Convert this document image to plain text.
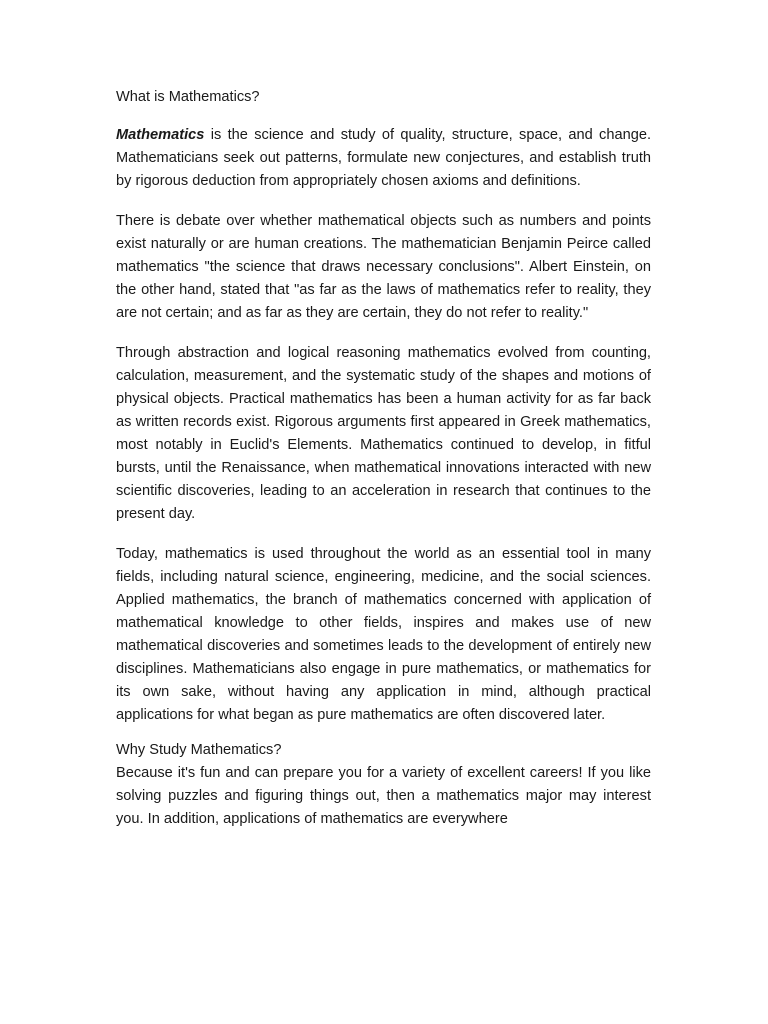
What is Mathematics?

Mathematics is the science and study of quality, structure, space, and change. Mathematicians seek out patterns, formulate new conjectures, and establish truth by rigorous deduction from appropriately chosen axioms and definitions.

There is debate over whether mathematical objects such as numbers and points exist naturally or are human creations. The mathematician Benjamin Peirce called mathematics "the science that draws necessary conclusions". Albert Einstein, on the other hand, stated that "as far as the laws of mathematics refer to reality, they are not certain; and as far as they are certain, they do not refer to reality."

Through abstraction and logical reasoning mathematics evolved from counting, calculation, measurement, and the systematic study of the shapes and motions of physical objects. Practical mathematics has been a human activity for as far back as written records exist. Rigorous arguments first appeared in Greek mathematics, most notably in Euclid's Elements. Mathematics continued to develop, in fitful bursts, until the Renaissance, when mathematical innovations interacted with new scientific discoveries, leading to an acceleration in research that continues to the present day.

Today, mathematics is used throughout the world as an essential tool in many fields, including natural science, engineering, medicine, and the social sciences. Applied mathematics, the branch of mathematics concerned with application of mathematical knowledge to other fields, inspires and makes use of new mathematical discoveries and sometimes leads to the development of entirely new disciplines. Mathematicians also engage in pure mathematics, or mathematics for its own sake, without having any application in mind, although practical applications for what began as pure mathematics are often discovered later.

Why Study Mathematics?

Because it's fun and can prepare you for a variety of excellent careers! If you like solving puzzles and figuring things out, then a mathematics major may interest you. In addition, applications of mathematics are everywhere
